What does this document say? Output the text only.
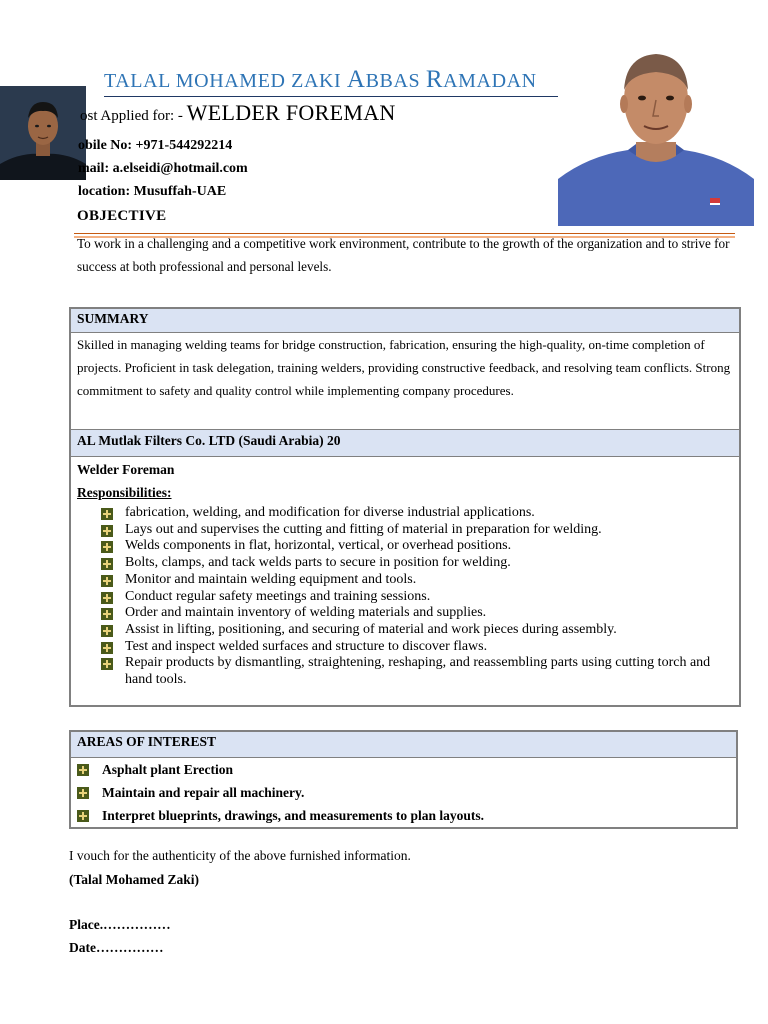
TALAL MOHAMED ZAKI ABBAS RAMADAN
ost Applied for: - WELDER FOREMAN
obile No: +971-544292214
mail: a.elseidi@hotmail.com
location: Musuffah-UAE
OBJECTIVE
To work in a challenging and a competitive work environment, contribute to the growth of the organization and to strive for success at both professional and personal levels.
SUMMARY
Skilled in managing welding teams for bridge construction, fabrication, ensuring the high-quality, on-time completion of projects. Proficient in task delegation, training welders, providing constructive feedback, and resolving team conflicts. Strong commitment to safety and quality control while implementing company procedures.
AL Mutlak Filters Co. LTD (Saudi Arabia) 20
Welder Foreman
Responsibilities:
fabrication, welding, and modification for diverse industrial applications.
Lays out and supervises the cutting and fitting of material in preparation for welding.
Welds components in flat, horizontal, vertical, or overhead positions.
Bolts, clamps, and tack welds parts to secure in position for welding.
Monitor and maintain welding equipment and tools.
Conduct regular safety meetings and training sessions.
Order and maintain inventory of welding materials and supplies.
Assist in lifting, positioning, and securing of material and work pieces during assembly.
Test and inspect welded surfaces and structure to discover flaws.
Repair products by dismantling, straightening, reshaping, and reassembling parts using cutting torch and hand tools.
AREAS OF INTEREST
Asphalt plant Erection
Maintain and repair all machinery.
Interpret blueprints, drawings, and measurements to plan layouts.
I vouch for the authenticity of the above furnished information.
(Talal Mohamed Zaki)
Place.……………
Date……………
